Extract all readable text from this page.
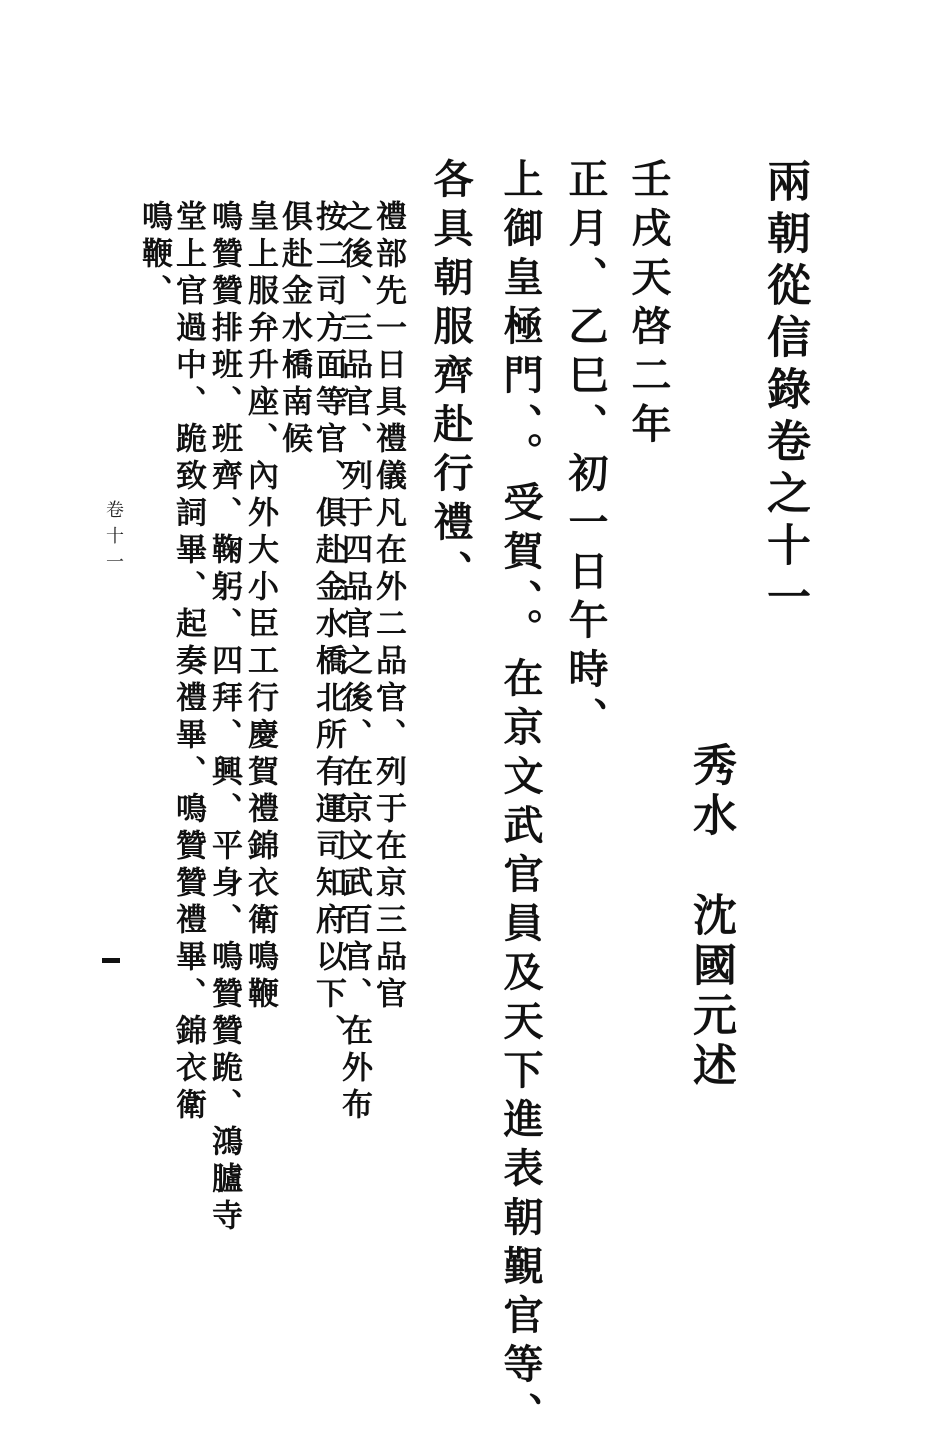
兩朝從信錄卷之十一
秀水　沈國元述
壬戌天啓二年
正月、乙巳、初一日午時、
上御皇極門、。受賀、。在京文武官員及天下進表朝覲官等、
各具朝服齊赴行禮、
禮部先一日具禮儀凡在外二品官、列于在京三品官
之後、三品官、列于四品官之後、在京文武百官、在外布
按二司方面等官、俱赴金水橋北所有運司知府以下、
俱赴金水橋南候
皇上服弁升座、內外大小臣工行慶賀禮錦衣衛鳴鞭
鳴贊贊排班、班齊、鞠躬、四拜、興、平身、鳴贊贊跪、鴻臚寺
堂上官過中、跪致詞畢、起奏禮畢、鳴贊贊禮畢、錦衣衛
鳴鞭、
卷十一
